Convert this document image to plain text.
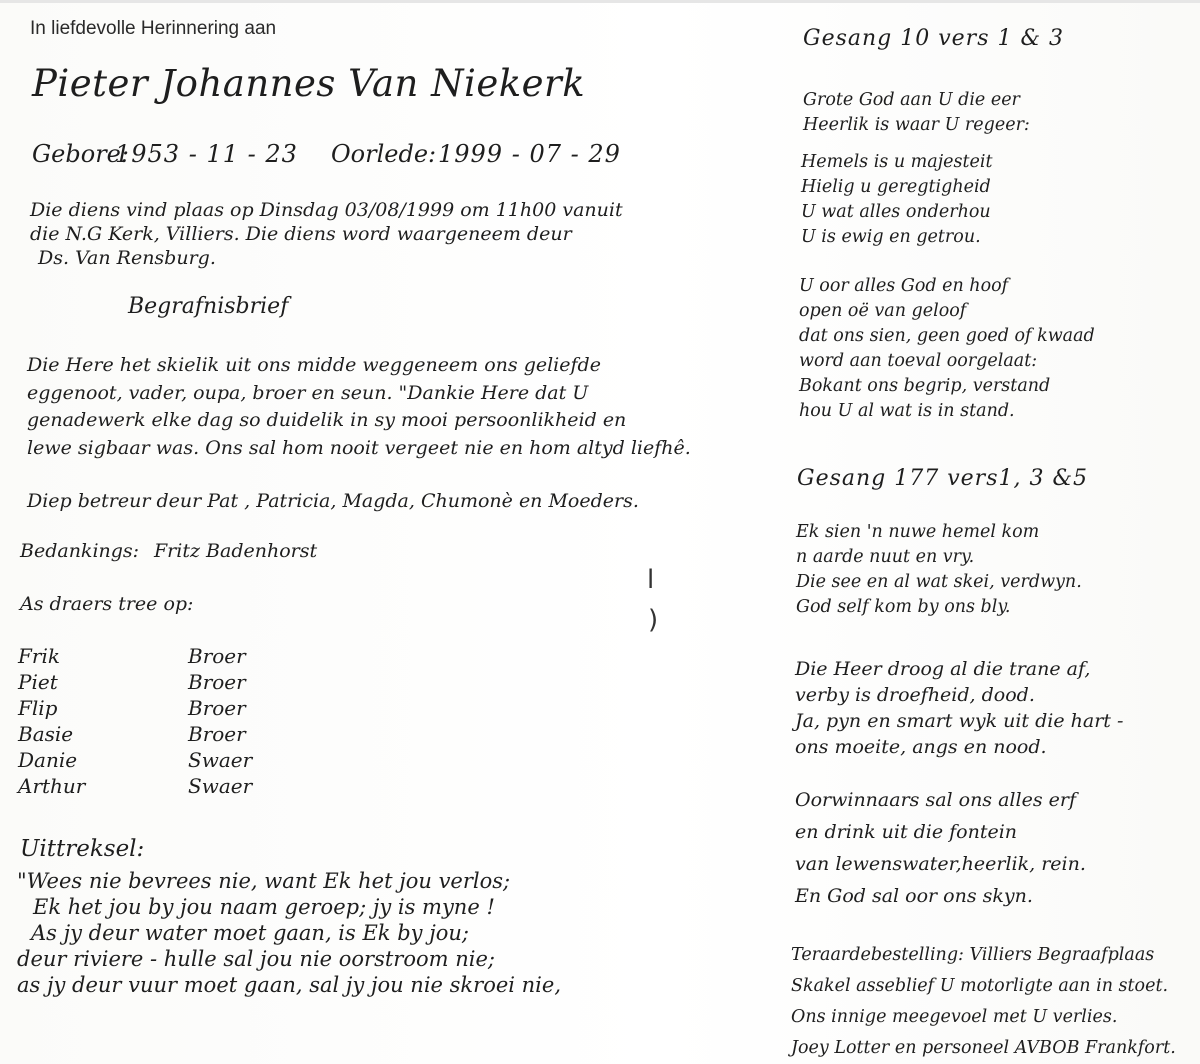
In liefdevolle Herinnering aan
Pieter Johannes Van Niekerk
Gebore:
1953 - 11 - 23 Oorlede: 1999 - 07 - 29
Die diens vind plaas op Dinsdag 03/08/1999 om 11h00 vanuit
die N.G Kerk, Villiers. Die diens word waargeneem deur
Ds. Van Rensburg.
Begrafnisbrief
Die Here het skielik uit ons midde weggeneem ons geliefde
eggenoot, vader, oupa, broer en seun. "Dankie Here dat U
genadewerk elke dag so duidelik in sy mooi persoonlikheid en
lewe sigbaar was. Ons sal hom nooit vergeet nie en hom altyd liefhê.
Diep betreur deur Pat , Patricia, Magda, Chumonè en Moeders.
Bedankings: Fritz Badenhorst
As draers tree op:
Frik	Broer
Piet	Broer
Flip	Broer
Basie	Broer
Danie	Swaer
Arthur	Swaer
Uittreksel:
"Wees nie bevrees nie, want Ek het jou verlos;
Ek het jou by jou naam geroep; jy is myne !
As jy deur water moet gaan, is Ek by jou;
deur riviere - hulle sal jou nie oorstroom nie;
as jy deur vuur moet gaan, sal jy jou nie skroei nie,
l
)
Gesang 10 vers 1 & 3
Grote God aan U die eer
Heerlik is waar U regeer:
Hemels is u majesteit
Hielig u geregtigheid
U wat alles onderhou
U is ewig en getrou.
U oor alles God en hoof
open oë van geloof
dat ons sien, geen goed of kwaad
word aan toeval oorgelaat:
Bokant ons begrip, verstand
hou U al wat is in stand.
Gesang 177 vers1, 3 &5
Ek sien 'n nuwe hemel kom
n aarde nuut en vry.
Die see en al wat skei, verdwyn.
God self kom by ons bly.
Die Heer droog al die trane af,
verby is droefheid, dood.
Ja, pyn en smart wyk uit die hart -
ons moeite, angs en nood.
Oorwinnaars sal ons alles erf
en drink uit die fontein
van lewenswater,heerlik, rein.
En God sal oor ons skyn.
Teraardebestelling: Villiers Begraafplaas
Skakel asseblief U motorligte aan in stoet.
Ons innige meegevoel met U verlies.
Joey Lotter en personeel AVBOB Frankfort.
